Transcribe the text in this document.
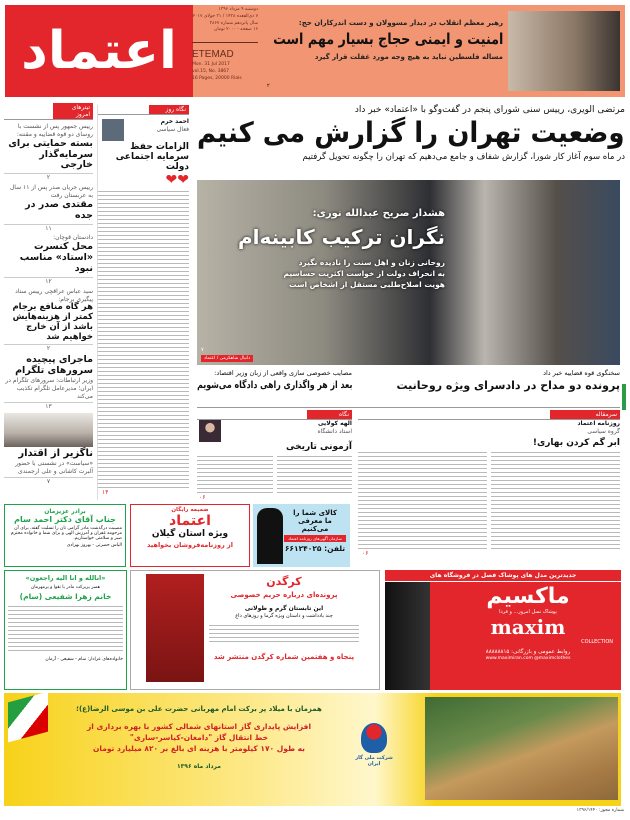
اعتماد
دوشنبه ۹ مرداد ۱۳۹۶
۷ ذی‌القعده ۱۴۳۸ / ۳۱ جولای ۲۰۱۷
سال پانزدهم شماره ۳۸۶۷
۱۶ صفحه - ۲۰۰۰ تومان
ETEMAD
Mon. 31 Jul 2017
vol.15, No. 3867
16 Pages, 20000 Rials
رهبر معظم انقلاب در دیدار مسوولان و دست اندرکاران حج:
امنیت و ایمنی حجاج بسیار مهم است
مساله فلسطین نباید به هیچ وجه مورد غفلت قرار گیرد
۲
تیترهای امروز
رییس جمهور پس از نشست با روسای دو قوه قضاییه و مقننه:
بسته حمایتی برای سرمایه‌گذار خارجی
۲
رییس جریان صدر پس از ۱۱ سال به عربستان رفت
مقتدی صدر در جده
۱۱
دادستان قوچان:
محل کنسرت «استاد» مناسب نبود
۱۲
سید عباس عراقچی رییس ستاد پیگیری برجام:
هر گاه منافع برجام کمتر از هزینه‌هایش باشد از آن خارج خواهیم شد
۲
ماجرای پیچیده سرورهای تلگرام
وزیر ارتباطات: سرورهای تلگرام در ایران؛ مدیرعامل تلگرام تکذیب می‌کند
۱۳
ناگزیر از اقتدار
«سیاست» در نشستی با حضور آلبرت کاشانی و علی ارجمندی
۷
نگاه روز
احمد خرم
فعال سیاسی
الزامات حفظ سرمایه اجتماعی دولت
❤❤
۱۴
مرتضی الویری، رییس سنی شورای پنجم در گفت‌وگو با «اعتماد» خبر داد
وضعیت تهران را گزارش می کنیم
در ماه سوم آغاز کار شورا، گزارش شفاف و جامع می‌دهیم که تهران را چگونه تحویل گرفتیم
هشدار صریح عبدالله نوری:
نگران ترکیب کابینه‌ام
روحانی زنان و اهل سنت را نادیده نگیرد
به انحراف دولت از خواست اکثریت حساسیم
هویت اصلاح‌طلبی مستقل از اشخاص است
دانیال شاهکرمی / اعتماد
۷
سخنگوی قوه قضاییه خبر داد
پرونده دو مداح در دادسرای ویژه روحانیت
مصایب خصوصی سازی واقعی از زبان وزیر اقتصاد:
بعد از هر واگذاری راهی دادگاه می‌شویم
سرمقاله
روزنامه اعتماد
گروه سیاسی
ابر گم کردن بهاری!
۰۶
نگاه
الهه کولایی
استاد دانشگاه
آزمونی تاریخی
۰۶
برادر عزیزمان
جناب آقای دکتر احمد سام
مصیبت درگذشت مادر گرامی تان را تسلیت گفته، برای آن مرحومه غفران و آمرزش الهی و برای شما و خانواده محترم صبر و سلامتی خواستاریم.
الیاس حضرتی - بهروز بهزادی
ضمیمه رایگان
اعتماد
ویژه استان گیلان
از روزنامه‌فروشان بخواهید
کالای شما را
ما معرفی می‌کنیم
سازمان آگهی‌های روزنامه اعتماد
تلفن: ۶۶۱۲۴۰۲۵
«انالله و انا الیه راجعون»
همبر پربرکت مادر با تقوا و پرمهرمان
خانم زهرا شفیعی (سام)
خانواده‌های عزادار: سام - شفیعی - آرمان
کرگدن
پرونده‌ای درباره حریم خصوصی
این تابستان گرم و طولانی
چند یادداشت و داستان ویژه گرما و روزهای داغ
پنجاه و هفتمین شماره کرگدن منتشر شد
جدیدترین مدل های پوشاک فصل در فروشگاه های
ماکسیم
پوشاک نسل امروز... و فردا
maxim
COLLECTION
روابط عمومی و بازرگانی: ۸۸۸۸۸۸۱۵
www.maximiran.com @maximclothes
همزمان با میلاد پر برکت امام مهربانی حضرت علی بن موسی الرضا(ع)؛
افزایش پایداری گاز استانهای شمالی کشور با بهره برداری از
خط انتقال گاز "دامغان-کیاسر-ساری"
به طول ۱۷۰ کیلومتر با هزینه ای بالغ بر ۸۲۰ میلیارد تومان
مرداد ماه ۱۳۹۶
شرکت ملی گاز ایران
شماره مجوز: ۱۳۹۶/۱۴۴۰
